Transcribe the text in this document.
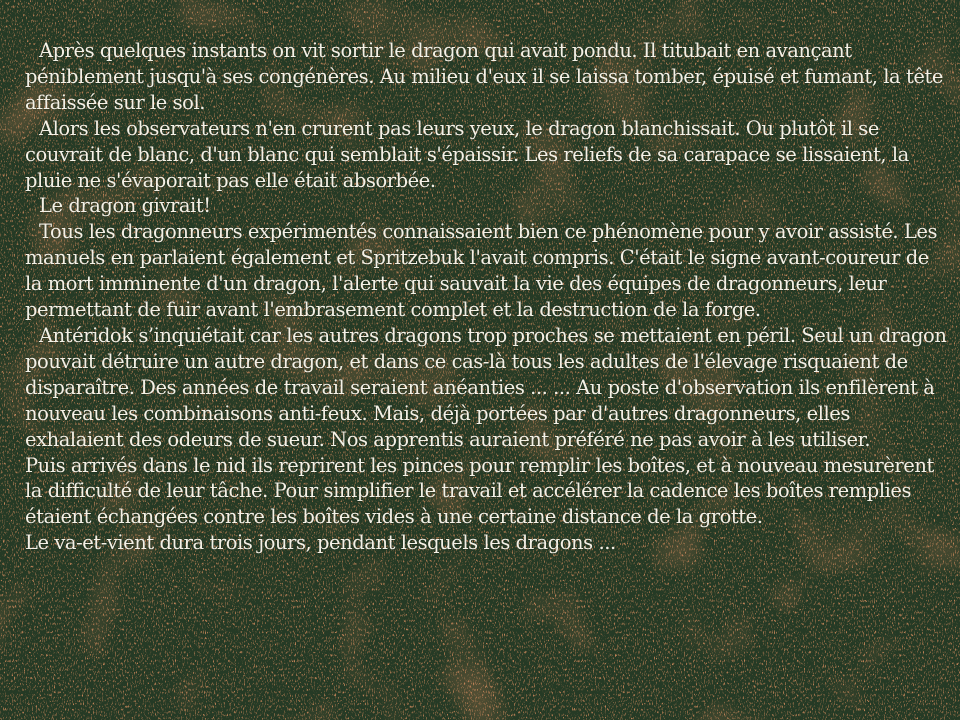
Après quelques instants on vit sortir le dragon qui avait pondu. Il titubait en avançant péniblement jusqu'à ses congénères. Au milieu d'eux il se laissa tomber, épuisé et fumant, la tête affaissée sur le sol.

Alors les observateurs n'en crurent pas leurs yeux, le dragon blanchissait. Ou plutôt il se couvrait de blanc, d'un blanc qui semblait s'épaissir. Les reliefs de sa carapace se lissaient, la pluie ne s'évaporait pas elle était absorbée.

Le dragon givrait!

Tous les dragonneurs expérimentés connaissaient bien ce phénomène pour y avoir assisté. Les manuels en parlaient également et Spritzebuk l'avait compris. C'était le signe avant-coureur de la mort imminente d'un dragon, l'alerte qui sauvait la vie des équipes de dragonneurs, leur permettant de fuir avant l'embrasement complet et la destruction de la forge.

Antéridok s’inquiétait car les autres dragons trop proches se mettaient en péril. Seul un dragon pouvait détruire un autre dragon, et dans ce cas-là tous les adultes de l'élevage risquaient de disparaître. Des années de travail seraient anéanties ... ... Au poste d'observation ils enfilèrent à nouveau les combinaisons anti-feux. Mais, déjà portées par d'autres dragonneurs, elles exhalaient des odeurs de sueur. Nos apprentis auraient préféré ne pas avoir à les utiliser.

Puis arrivés dans le nid ils reprirent les pinces pour remplir les boîtes, et à nouveau mesurèrent la difficulté de leur tâche. Pour simplifier le travail et accélérer la cadence les boîtes remplies étaient échangées contre les boîtes vides à une certaine distance de la grotte.

Le va-et-vient dura trois jours, pendant lesquels les dragons ...
